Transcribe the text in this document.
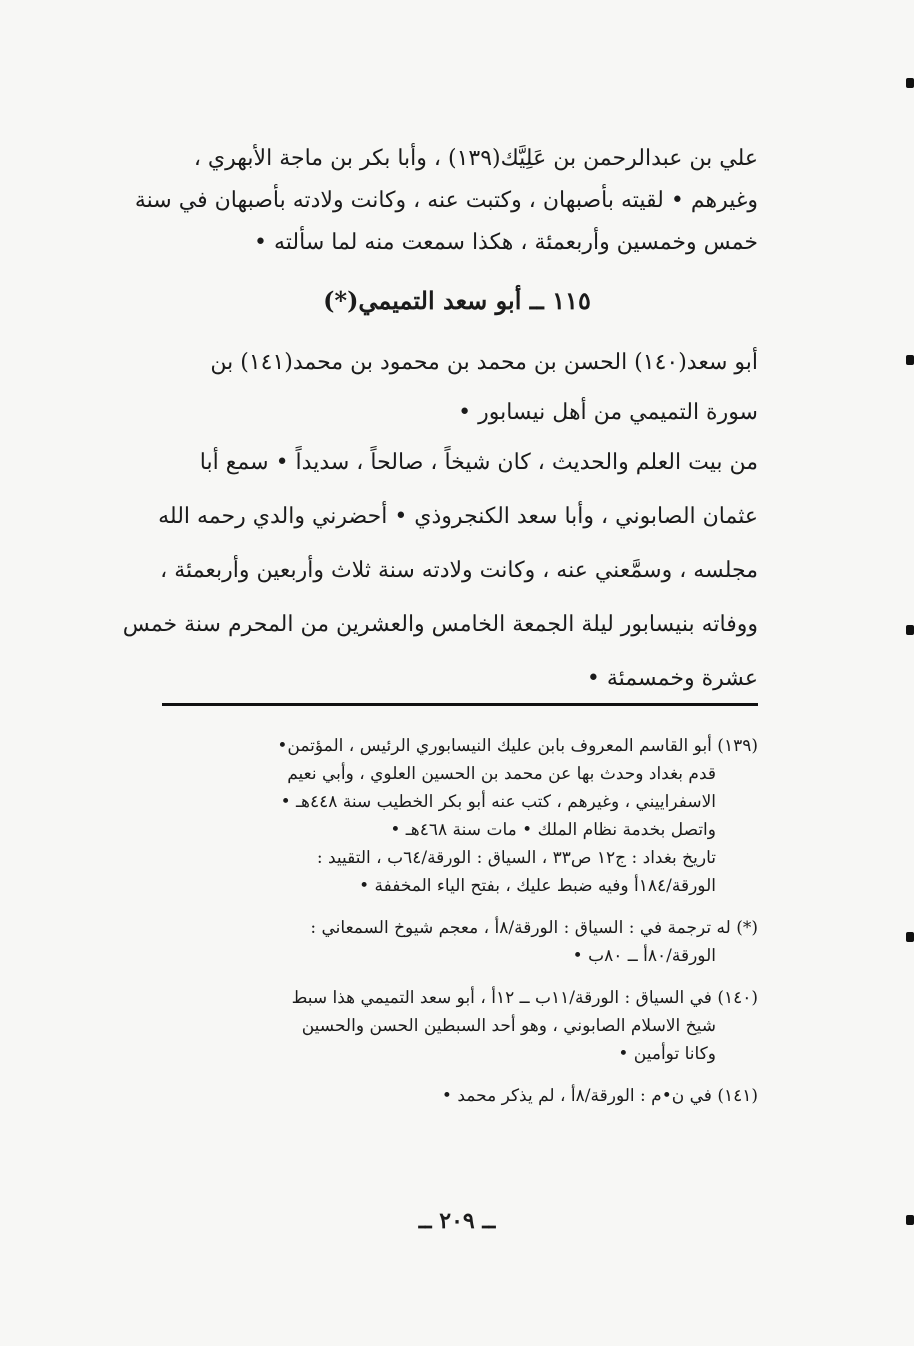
علي بن عبدالرحمن بن عَلِيَّك(١٣٩) ، وأبا بكر بن ماجة الأبهري ،
وغيرهم • لقيته بأصبهان ، وكتبت عنه ، وكانت ولادته بأصبهان في سنة
خمس وخمسين وأربعمئة ، هكذا سمعت منه لما سألته •
١١٥ ــ أبو سعد التميمي(*)
أبو سعد(١٤٠) الحسن بن محمد بن محمود بن محمد(١٤١) بن
سورة التميمي من أهل نيسابور •
من بيت العلم والحديث ، كان شيخاً ، صالحاً ، سديداً • سمع أبا
عثمان الصابوني ، وأبا سعد الكنجروذي • أحضرني والدي رحمه الله
مجلسه ، وسمَّعني عنه ، وكانت ولادته سنة ثلاث وأربعين وأربعمئة ،
ووفاته بنيسابور ليلة الجمعة الخامس والعشرين من المحرم سنة خمس
عشرة وخمسمئة •
(١٣٩) أبو القاسم المعروف بابن عليك النيسابوري الرئيس ، المؤتمن•
قدم بغداد وحدث بها عن محمد بن الحسين العلوي ، وأبي نعيم
الاسفراييني ، وغيرهم ، كتب عنه أبو بكر الخطيب سنة ٤٤٨هـ •
واتصل بخدمة نظام الملك • مات سنة ٤٦٨هـ •
تاريخ بغداد : ج١٢ ص٣٣ ، السياق : الورقة/٦٤ب ، التقييد :
الورقة/١٨٤أ وفيه ضبط عليك ، بفتح الياء المخففة •
(*) له ترجمة في : السياق : الورقة/٨أ ، معجم شيوخ السمعاني :
الورقة/٨٠أ ــ ٨٠ب •
(١٤٠) في السياق : الورقة/١١ب ــ ١٢أ ، أبو سعد التميمي هذا سبط
شيخ الاسلام الصابوني ، وهو أحد السبطين الحسن والحسين
وكانا توأمين •
(١٤١) في ن•م : الورقة/٨أ ، لم يذكر محمد •
ــ ٢٠٩ ــ
